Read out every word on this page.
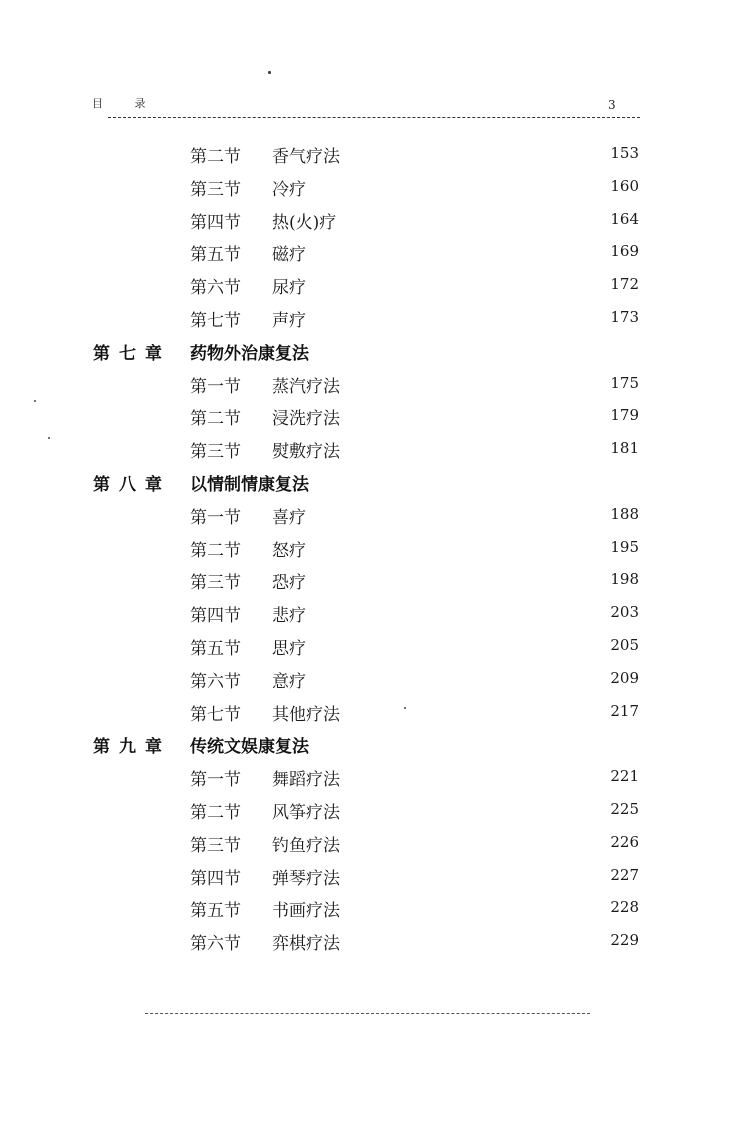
目 录	3
第二节 香气疗法	153
第三节 冷疗	160
第四节 热(火)疗	164
第五节 磁疗	169
第六节 尿疗	172
第七节 声疗	173
第七章 药物外治康复法
第一节 蒸汽疗法	175
第二节 浸洗疗法	179
第三节 熨敷疗法	181
第八章 以情制情康复法
第一节 喜疗	188
第二节 怒疗	195
第三节 恐疗	198
第四节 悲疗	203
第五节 思疗	205
第六节 意疗	209
第七节 其他疗法	217
第九章 传统文娱康复法
第一节 舞蹈疗法	221
第二节 风筝疗法	225
第三节 钓鱼疗法	226
第四节 弹琴疗法	227
第五节 书画疗法	228
第六节 弈棋疗法	229
